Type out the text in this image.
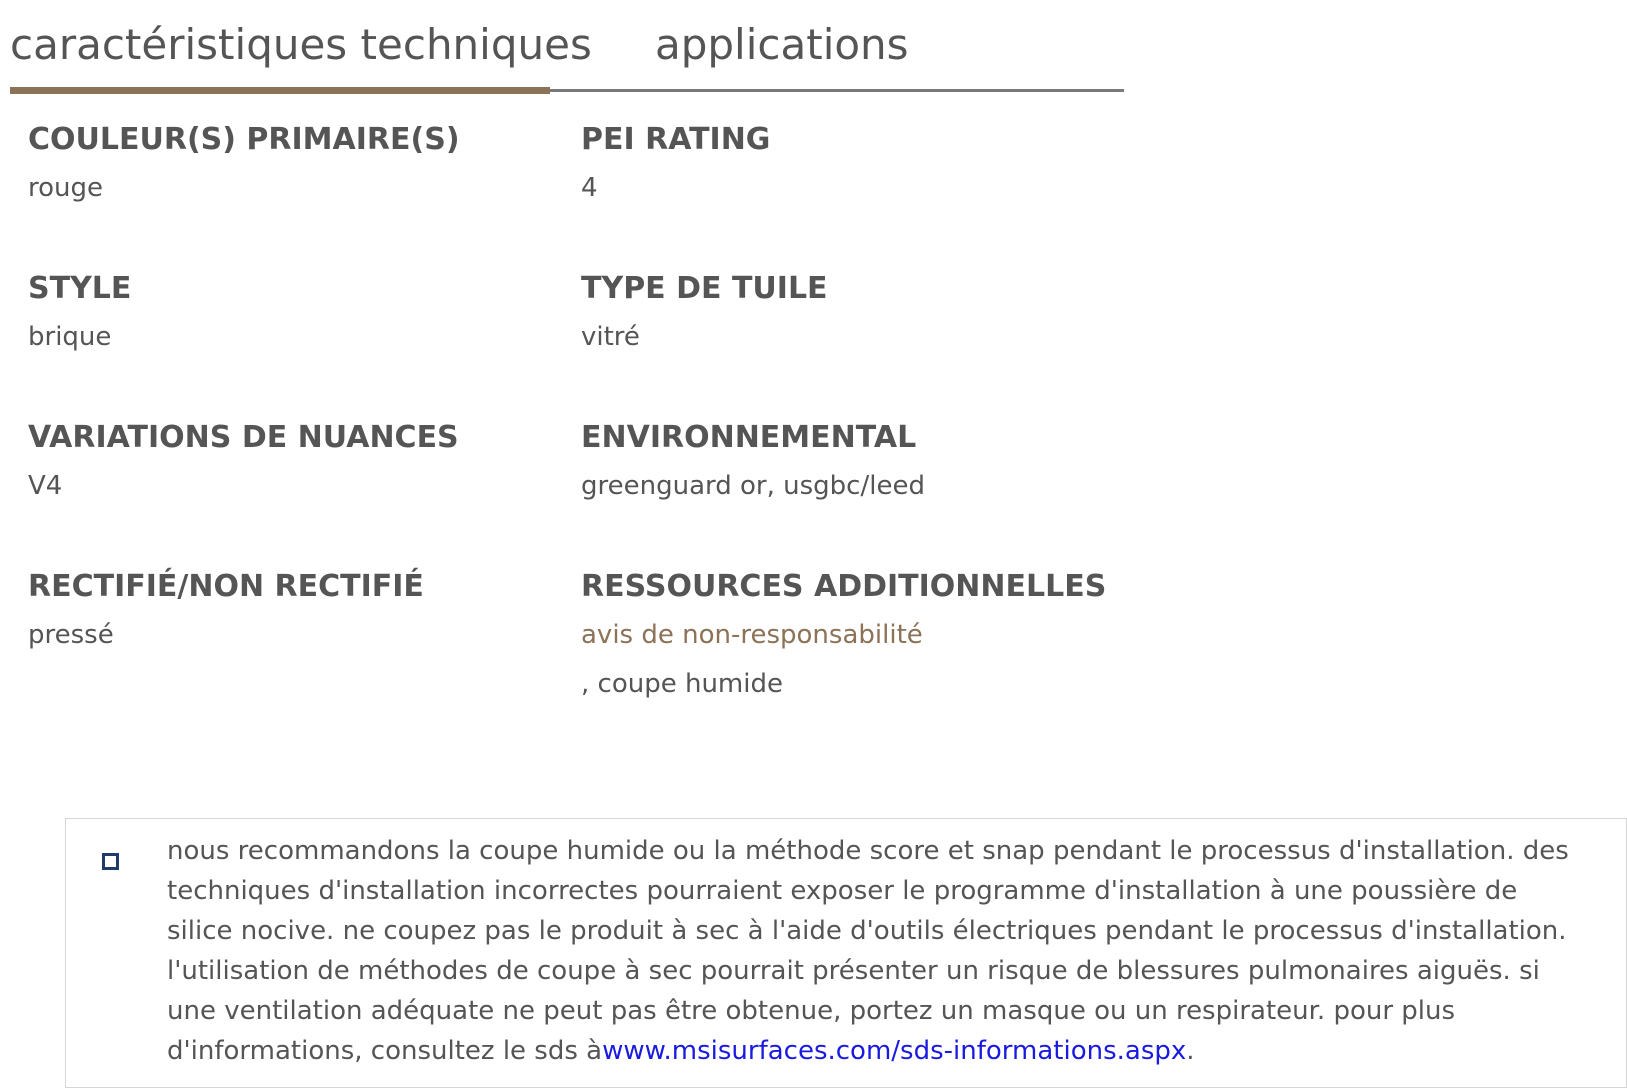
caractéristiques techniques applications
COULEUR(S) PRIMAIRE(S)
rouge
PEI RATING
4
STYLE
brique
TYPE DE TUILE
vitré
VARIATIONS DE NUANCES
V4
ENVIRONNEMENTAL
greenguard or, usgbc/leed
RECTIFIÉ/NON RECTIFIÉ
pressé
RESSOURCES ADDITIONNELLES
avis de non-responsabilité
, coupe humide
nous recommandons la coupe humide ou la méthode score et snap pendant le processus d'installation. des techniques d'installation incorrectes pourraient exposer le programme d'installation à une poussière de silice nocive. ne coupez pas le produit à sec à l'aide d'outils électriques pendant le processus d'installation. l'utilisation de méthodes de coupe à sec pourrait présenter un risque de blessures pulmonaires aiguës. si une ventilation adéquate ne peut pas être obtenue, portez un masque ou un respirateur. pour plus d'informations, consultez le sds àwww.msisurfaces.com/sds-informations.aspx.
